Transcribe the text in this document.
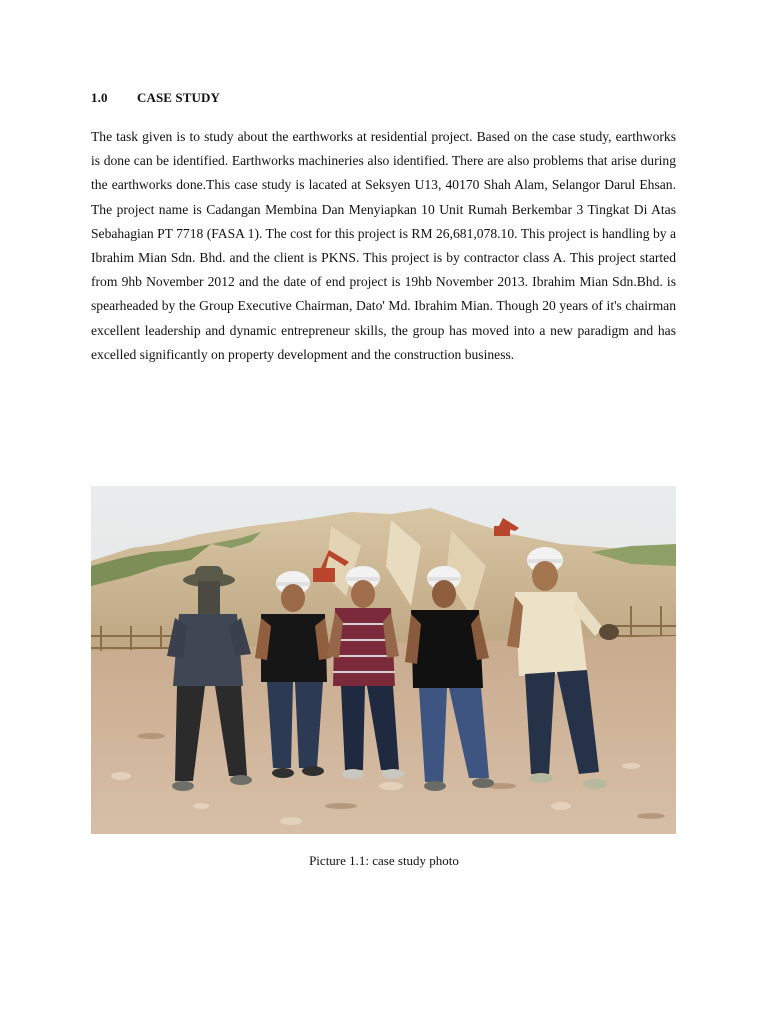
1.0 CASE STUDY

The task given is to study about the earthworks at residential project. Based on the case study, earthworks is done can be identified. Earthworks machineries also identified. There are also problems that arise during the earthworks done.This case study is lacated at Seksyen U13, 40170 Shah Alam, Selangor Darul Ehsan. The project name is Cadangan Membina Dan Menyiapkan 10 Unit Rumah Berkembar 3 Tingkat Di Atas Sebahagian PT 7718 (FASA 1). The cost for this project is RM 26,681,078.10. This project is handling by a Ibrahim Mian Sdn. Bhd. and the client is PKNS. This project is by contractor class A. This project started from 9hb November 2012 and the date of end project is 19hb November 2013. Ibrahim Mian Sdn.Bhd. is spearheaded by the Group Executive Chairman, Dato' Md. Ibrahim Mian. Though 20 years of it's chairman excellent leadership and dynamic entrepreneur skills, the group has moved into a new paradigm and has excelled significantly on property development and the construction business.

Picture 1.1: case study photo
